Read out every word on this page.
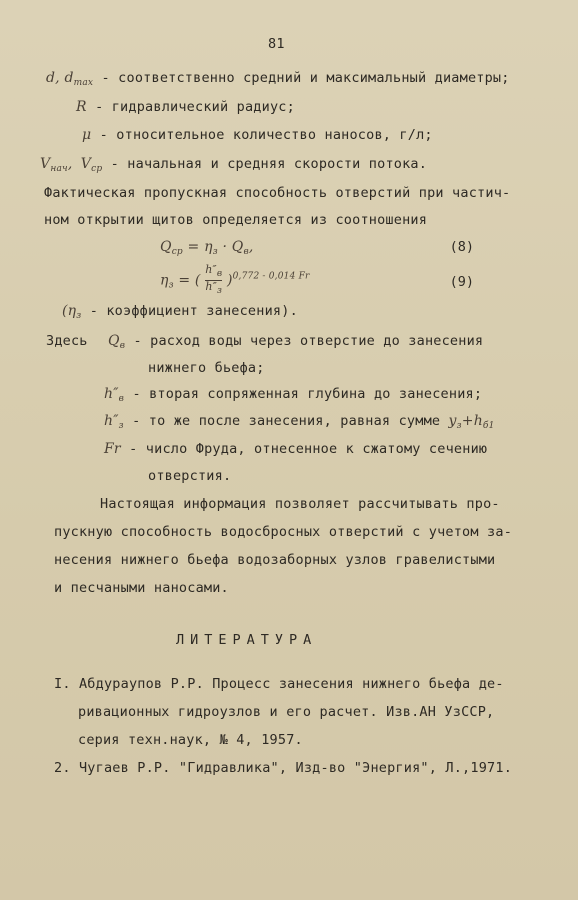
81
d, $d_{max}$ - соответственно средний и максимальный диаметры;
R - гидравлический радиус;
μ - относительное количество наносов, г/л;
$V_{нач}$, $V_{ср}$ - начальная и средняя скорости потока.
Фактическая пропускная способность отверстий при частич-
ном открытии щитов определяется из соотношения
$Q_{ср} = \eta_з \cdot Q_в$,	(8)
$\eta_з$ = ( $h''_в$
$h''_з$
)$^{0,772 - 0,014 Fr}$	(9)
($\eta_з$ - коэффициент занесения).
Здесь $Q_в$ - расход воды через отверстие до занесения
нижнего бьефа;
$h''_в$ - вторая сопряженная глубина до занесения;
$h''_з$ - то же после занесения, равная сумме $y_з+h_{б1}$
Fr - число Фруда, отнесенное к сжатому сечению
отверстия.
Настоящая информация позволяет рассчитывать про-
пускную способность водосбросных отверстий с учетом за-
несения нижнего бьефа водозаборных узлов гравелистыми
и песчаными наносами.
ЛИТЕРАТУРА
I. Абдураупов Р.Р. Процесс занесения нижнего бьефа де-
ривационных гидроузлов и его расчет. Изв.АН УзССР,
серия техн.наук, № 4, 1957.
2. Чугаев Р.Р. "Гидравлика", Изд-во "Энергия", Л.,1971.
